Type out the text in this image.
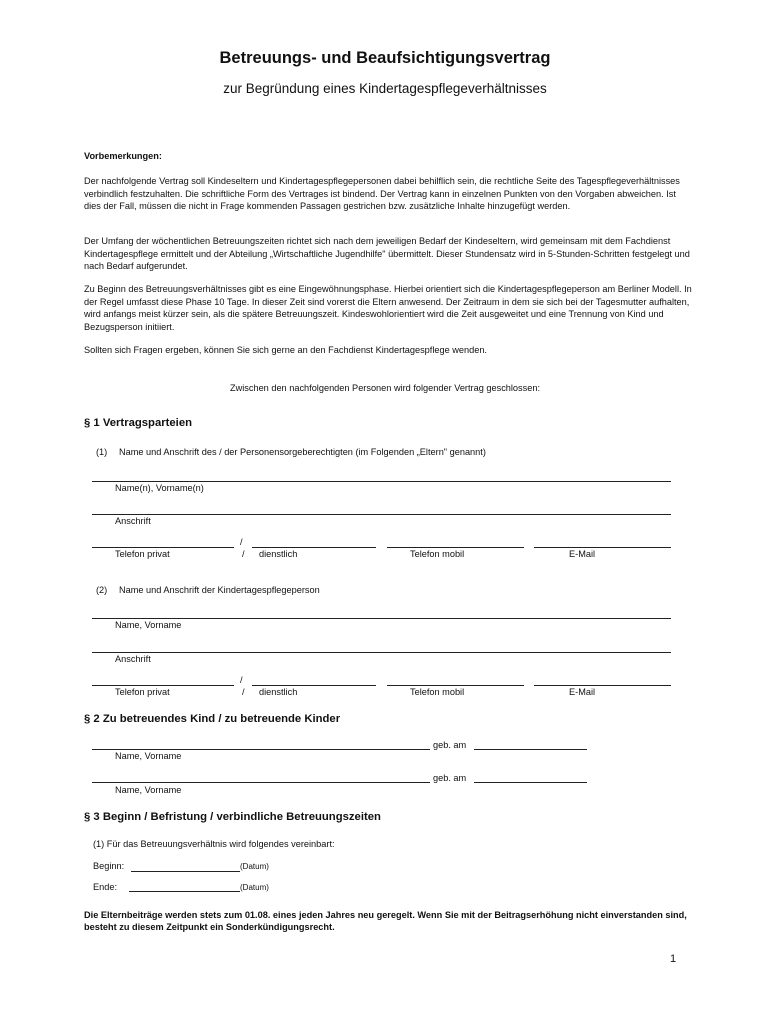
Betreuungs- und Beaufsichtigungsvertrag
zur Begründung eines Kindertagespflegeverhältnisses
Vorbemerkungen:
Der nachfolgende Vertrag soll Kindeseltern und Kindertagespflegepersonen dabei behilflich sein, die rechtliche Seite des Tagespflegeverhältnisses verbindlich festzuhalten. Die schriftliche Form des Vertrages ist bindend. Der Vertrag kann in einzelnen Punkten von den Vorgaben abweichen. Ist dies der Fall, müssen die nicht in Frage kommenden Passagen gestrichen bzw. zusätzliche Inhalte hinzugefügt werden.
Der Umfang der wöchentlichen Betreuungszeiten richtet sich nach dem jeweiligen Bedarf der Kindeseltern, wird gemeinsam mit dem Fachdienst Kindertagespflege ermittelt und der Abteilung „Wirtschaftliche Jugendhilfe" übermittelt. Dieser Stundensatz wird in 5-Stunden-Schritten festgelegt und nach Bedarf aufgerundet.
Zu Beginn des Betreuungsverhältnisses gibt es eine Eingewöhnungsphase. Hierbei orientiert sich die Kindertagespflegeperson am Berliner Modell. In der Regel umfasst diese Phase 10 Tage. In dieser Zeit sind vorerst die Eltern anwesend. Der Zeitraum in dem sie sich bei der Tagesmutter aufhalten, wird anfangs meist kürzer sein, als die spätere Betreuungszeit. Kindeswohlorientiert wird die Zeit ausgeweitet und eine Trennung von Kind und Bezugsperson initiiert.
Sollten sich Fragen ergeben, können Sie sich gerne an den Fachdienst Kindertagespflege wenden.
Zwischen den nachfolgenden Personen wird folgender Vertrag geschlossen:
§ 1 Vertragsparteien
(1) Name und Anschrift des / der Personensorgeberechtigten (im Folgenden „Eltern" genannt)
Name(n), Vorname(n)
Anschrift
/
Telefon privat	/ dienstlich	Telefon mobil	E-Mail
(2) Name und Anschrift der Kindertagespflegeperson
Name, Vorname
Anschrift
/
Telefon privat	/ dienstlich	Telefon mobil	E-Mail
§ 2 Zu betreuendes Kind / zu betreuende Kinder
geb. am
Name, Vorname
geb. am
Name, Vorname
§ 3 Beginn / Befristung / verbindliche Betreuungszeiten
(1) Für das Betreuungsverhältnis wird folgendes vereinbart:
Beginn:	(Datum)
Ende:	(Datum)
Die Elternbeiträge werden stets zum 01.08. eines jeden Jahres neu geregelt. Wenn Sie mit der Beitragserhöhung nicht einverstanden sind, besteht zu diesem Zeitpunkt ein Sonderkündigungsrecht.
1
